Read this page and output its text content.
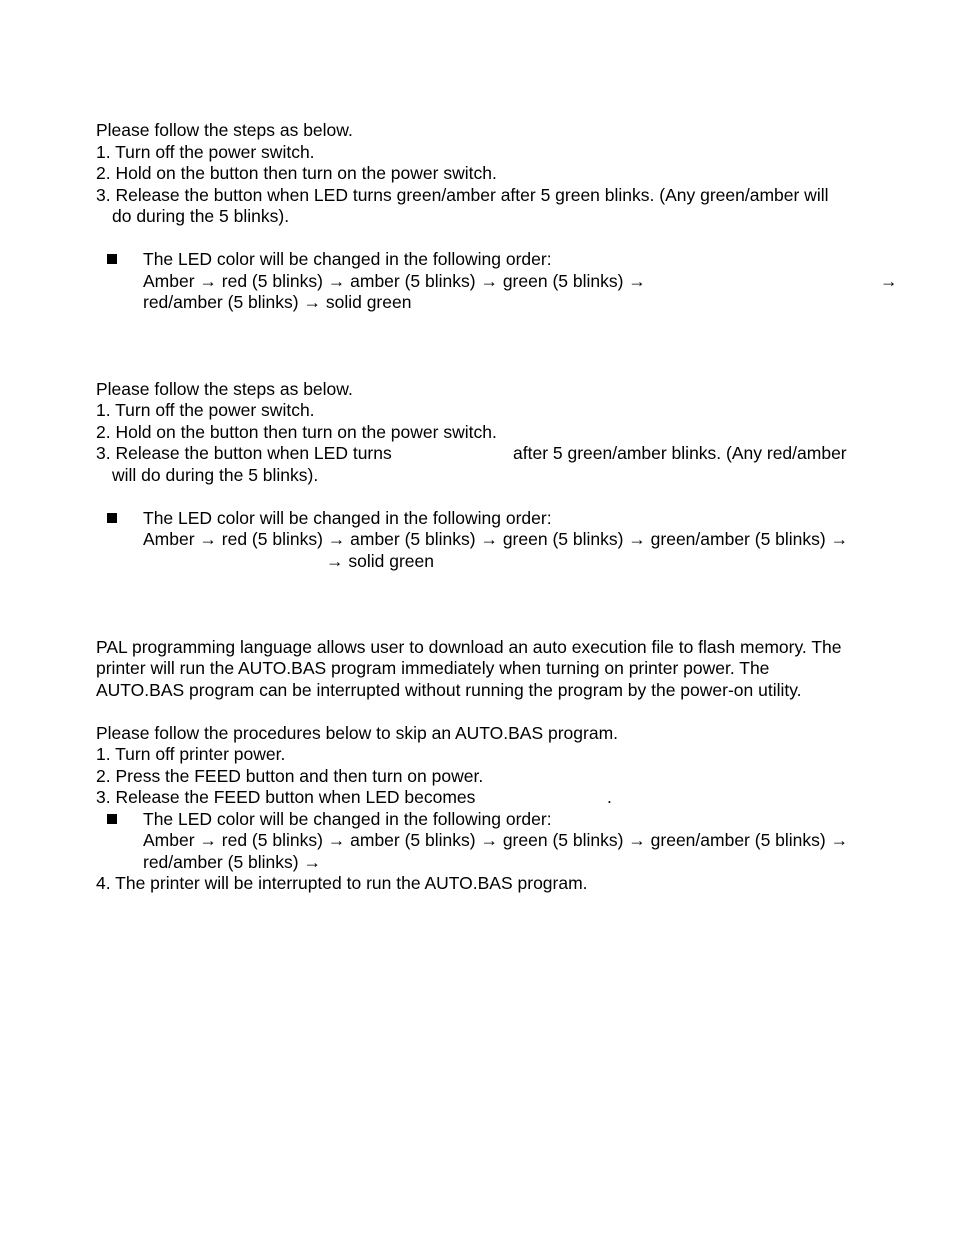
Please follow the steps as below.
1. Turn off the power switch.
2. Hold on the button then turn on the power switch.
3. Release the button when LED turns green/amber after 5 green blinks. (Any green/amber will
do during the 5 blinks).
The LED color will be changed in the following order:
Amber → red (5 blinks) → amber (5 blinks) → green (5 blinks) →	→
red/amber (5 blinks) → solid green
Please follow the steps as below.
1. Turn off the power switch.
2. Hold on the button then turn on the power switch.
3. Release the button when LED turns	after 5 green/amber blinks. (Any red/amber
will do during the 5 blinks).
The LED color will be changed in the following order:
Amber → red (5 blinks) → amber (5 blinks) → green (5 blinks) → green/amber (5 blinks) →
→ solid green
PAL programming language allows user to download an auto execution file to flash memory. The
printer will run the AUTO.BAS program immediately when turning on printer power. The
AUTO.BAS program can be interrupted without running the program by the power-on utility.
Please follow the procedures below to skip an AUTO.BAS program.
1. Turn off printer power.
2. Press the FEED button and then turn on power.
3. Release the FEED button when LED becomes	.
The LED color will be changed in the following order:
Amber → red (5 blinks) → amber (5 blinks) → green (5 blinks) → green/amber (5 blinks) →
red/amber (5 blinks) →
4. The printer will be interrupted to run the AUTO.BAS program.
